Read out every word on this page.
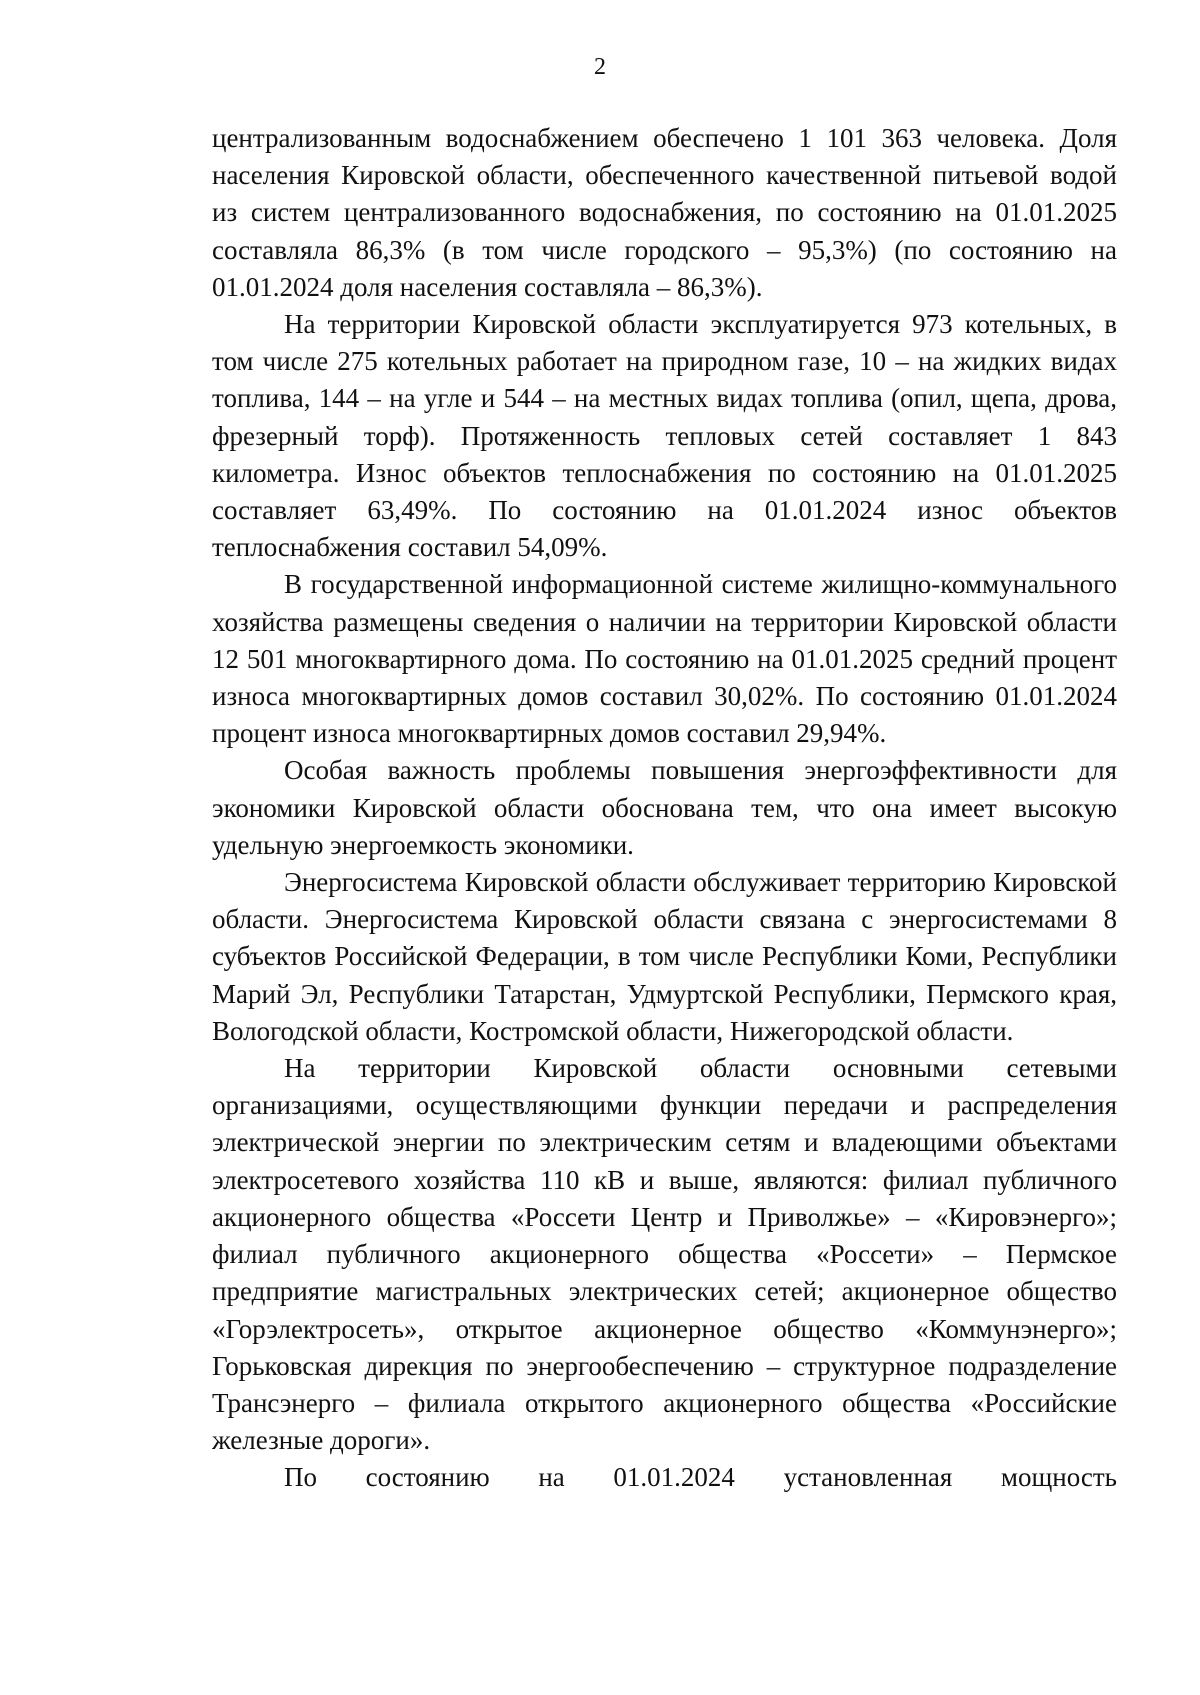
2

централизованным водоснабжением обеспечено 1 101 363 человека. Доля населения Кировской области, обеспеченного качественной питьевой водой из систем централизованного водоснабжения, по состоянию на 01.01.2025 составляла 86,3% (в том числе городского – 95,3%) (по состоянию на 01.01.2024 доля населения составляла – 86,3%).

На территории Кировской области эксплуатируется 973 котельных, в том числе 275 котельных работает на природном газе, 10 – на жидких видах топлива, 144 – на угле и 544 – на местных видах топлива (опил, щепа, дрова, фрезерный торф). Протяженность тепловых сетей составляет 1 843 километра. Износ объектов теплоснабжения по состоянию на 01.01.2025 составляет 63,49%. По состоянию на 01.01.2024 износ объектов теплоснабжения составил 54,09%.

В государственной информационной системе жилищно-коммунального хозяйства размещены сведения о наличии на территории Кировской области 12 501 многоквартирного дома. По состоянию на 01.01.2025 средний процент износа многоквартирных домов составил 30,02%. По состоянию 01.01.2024 процент износа многоквартирных домов составил 29,94%.

Особая важность проблемы повышения энергоэффективности для экономики Кировской области обоснована тем, что она имеет высокую удельную энергоемкость экономики.

Энергосистема Кировской области обслуживает территорию Кировской области. Энергосистема Кировской области связана с энергосистемами 8 субъектов Российской Федерации, в том числе Республики Коми, Республики Марий Эл, Республики Татарстан, Удмуртской Республики, Пермского края, Вологодской области, Костромской области, Нижегородской области.

На территории Кировской области основными сетевыми организациями, осуществляющими функции передачи и распределения электрической энергии по электрическим сетям и владеющими объектами электросетевого хозяйства 110 кВ и выше, являются: филиал публичного акционерного общества «Россети Центр и Приволжье» – «Кировэнерго»; филиал публичного акционерного общества «Россети» – Пермское предприятие магистральных электрических сетей; акционерное общество «Горэлектросеть», открытое акционерное общество «Коммунэнерго»; Горьковская дирекция по энергообеспечению – структурное подразделение Трансэнерго – филиала открытого акционерного общества «Российские железные дороги».

По состоянию на 01.01.2024 установленная мощность
